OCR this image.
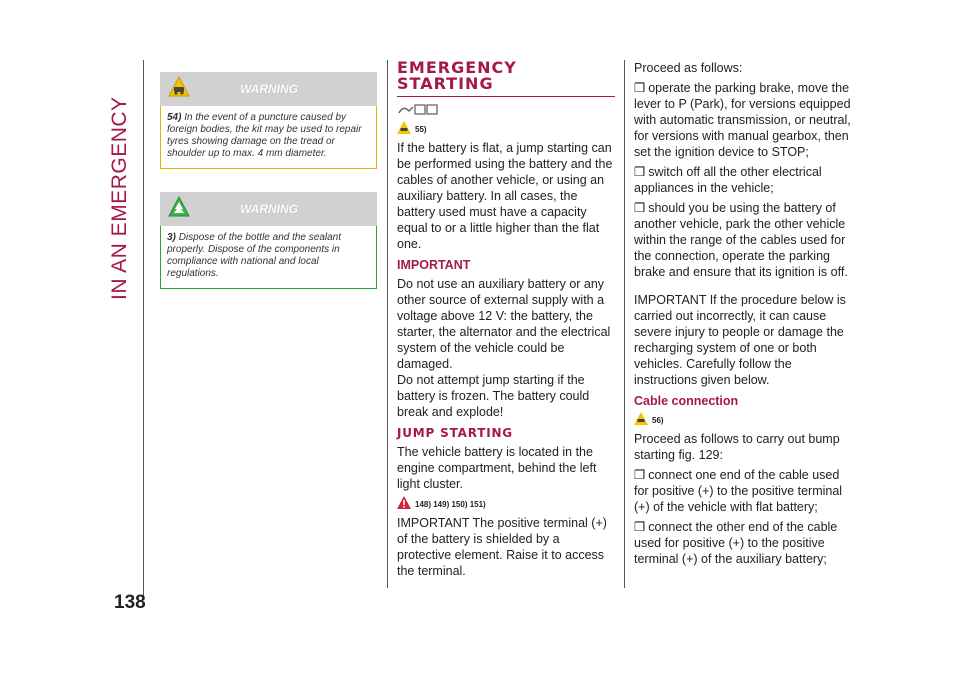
IN AN EMERGENCY
138
WARNING
54) In the event of a puncture caused by foreign bodies, the kit may be used to repair tyres showing damage on the tread or shoulder up to max. 4 mm diameter.
WARNING
3) Dispose of the bottle and the sealant properly. Dispose of the components in compliance with national and local regulations.
EMERGENCY
STARTING
55)

If the battery is flat, a jump starting can be performed using the battery and the cables of another vehicle, or using an auxiliary battery. In all cases, the battery used must have a capacity equal to or a little higher than the flat one.

IMPORTANT

Do not use an auxiliary battery or any other source of external supply with a voltage above 12 V: the battery, the starter, the alternator and the electrical system of the vehicle could be damaged.

Do not attempt jump starting if the battery is frozen. The battery could break and explode!

JUMP STARTING

The vehicle battery is located in the engine compartment, behind the left light cluster.

148) 149) 150) 151)

IMPORTANT The positive terminal (+) of the battery is shielded by a protective element. Raise it to access the terminal.

Proceed as follows:

❒ operate the parking brake, move the lever to P (Park), for versions equipped with automatic transmission, or neutral, for versions with manual gearbox, then set the ignition device to STOP;

❒ switch off all the other electrical appliances in the vehicle;

❒ should you be using the battery of another vehicle, park the other vehicle within the range of the cables used for the connection, operate the parking brake and ensure that its ignition is off.

IMPORTANT If the procedure below is carried out incorrectly, it can cause severe injury to people or damage the recharging system of one or both vehicles. Carefully follow the instructions given below.

Cable connection
56)

Proceed as follows to carry out bump starting fig. 129:

❒ connect one end of the cable used for positive (+) to the positive terminal (+) of the vehicle with flat battery;

❒ connect the other end of the cable used for positive (+) to the positive terminal (+) of the auxiliary battery;
